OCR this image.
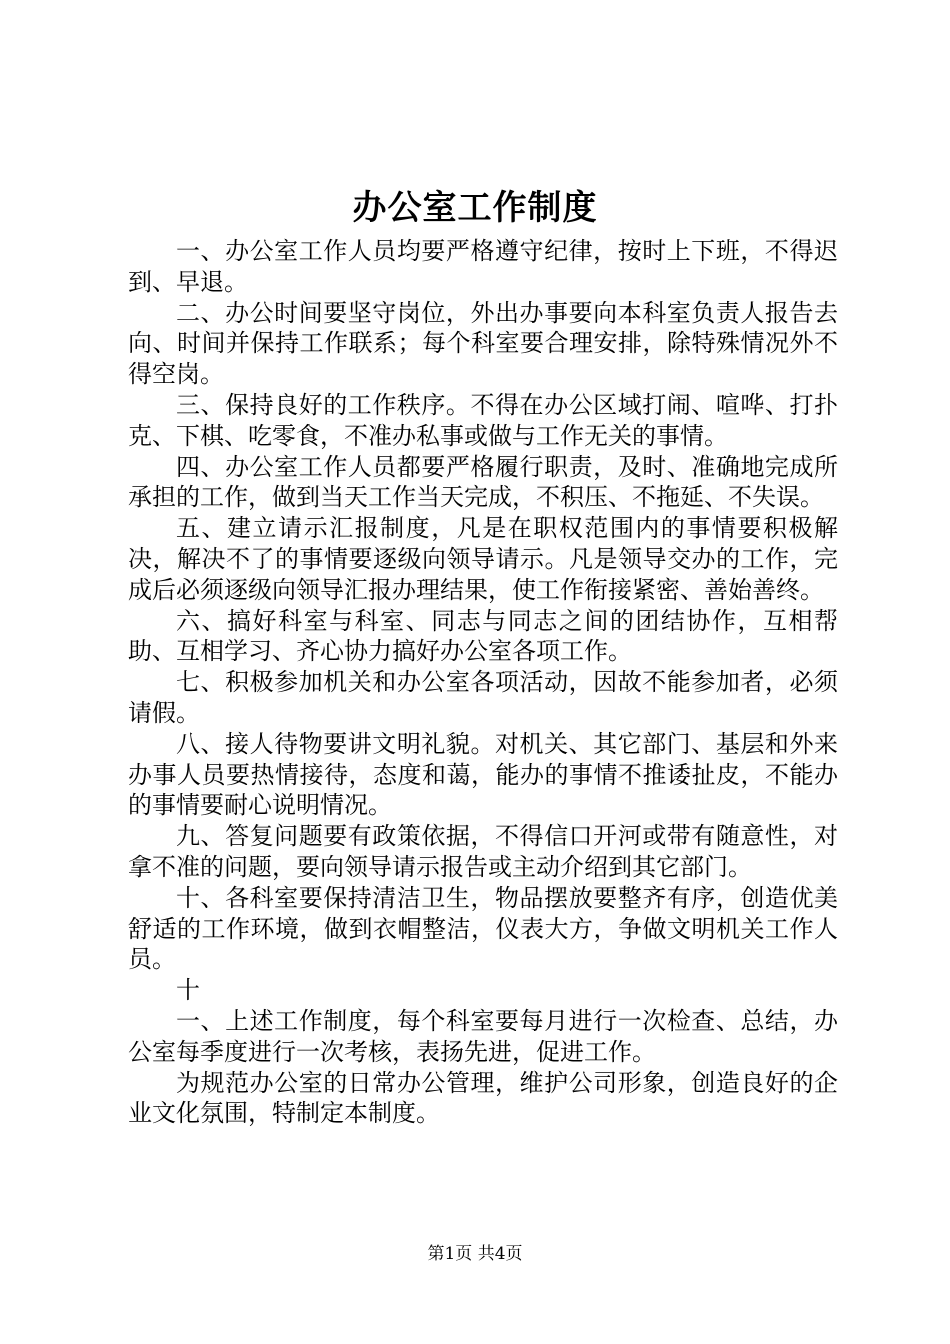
办公室工作制度

一、办公室工作人员均要严格遵守纪律，按时上下班，不得迟到、早退。

二、办公时间要坚守岗位，外出办事要向本科室负责人报告去向、时间并保持工作联系；每个科室要合理安排，除特殊情况外不得空岗。

三、保持良好的工作秩序。不得在办公区域打闹、喧哗、打扑克、下棋、吃零食，不准办私事或做与工作无关的事情。

四、办公室工作人员都要严格履行职责，及时、准确地完成所承担的工作，做到当天工作当天完成，不积压、不拖延、不失误。

五、建立请示汇报制度，凡是在职权范围内的事情要积极解决，解决不了的事情要逐级向领导请示。凡是领导交办的工作，完成后必须逐级向领导汇报办理结果，使工作衔接紧密、善始善终。

六、搞好科室与科室、同志与同志之间的团结协作，互相帮助、互相学习、齐心协力搞好办公室各项工作。

七、积极参加机关和办公室各项活动，因故不能参加者，必须请假。

八、接人待物要讲文明礼貌。对机关、其它部门、基层和外来办事人员要热情接待，态度和蔼，能办的事情不推诿扯皮，不能办的事情要耐心说明情况。

九、答复问题要有政策依据，不得信口开河或带有随意性，对拿不准的问题，要向领导请示报告或主动介绍到其它部门。

十、各科室要保持清洁卫生，物品摆放要整齐有序，创造优美舒适的工作环境，做到衣帽整洁，仪表大方，争做文明机关工作人员。

十

一、上述工作制度，每个科室要每月进行一次检查、总结，办公室每季度进行一次考核，表扬先进，促进工作。

为规范办公室的日常办公管理，维护公司形象，创造良好的企业文化氛围，特制定本制度。

第1页 共4页
